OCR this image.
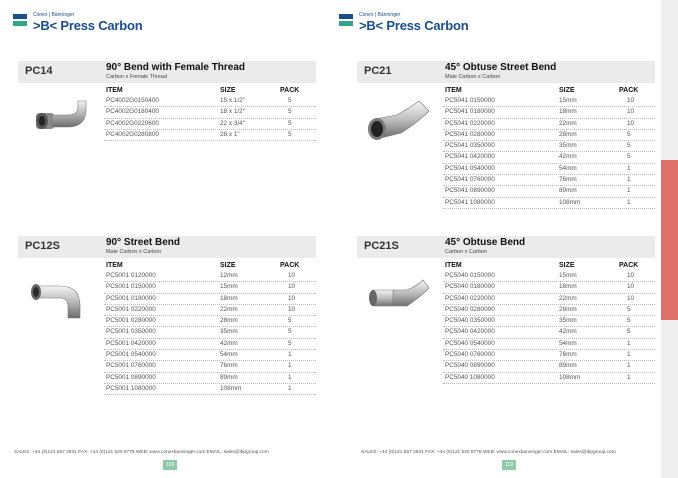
Conex | Bänninger
>B< Press Carbon
PC14	90° Bend with Female Thread
Carbon x Female Thread
ITEM	SIZE	PACK
PC4002G0150400	15 x 1/2"	5
PC4002G0180400	18 x 1/2"	5
PC4002G0220600	22 x 3/4"	5
PC4002G0280800	28 x 1"	5
PC12S	90° Street Bend
Male Carbon x Carbon
ITEM	SIZE	PACK
PC5001 0120000	12mm	10
PC5001 0150000	15mm	10
PC5001 0180000	18mm	10
PC5001 0220000	22mm	10
PC5001 0280000	28mm	5
PC5001 0350000	35mm	5
PC5001 0420000	42mm	5
PC5001 0540000	54mm	1
PC5001 0760000	76mm	1
PC5001 0890000	89mm	1
PC5001 1080000	108mm	1
SALES: +44 (0)121 557 2831 FAX: +44 (0)121 520 8778 WEB: www.conexbanninger.com EMAIL: sales@ibpgroup.com
118
Conex | Bänninger
>B< Press Carbon
PC21	45° Obtuse Street Bend
Male Carbon x Carbon
ITEM	SIZE	PACK
PC5041 0150000	15mm	10
PC5041 0180000	18mm	10
PC5041 0220000	22mm	10
PC5041 0280000	28mm	5
PC5041 0350000	35mm	5
PC5041 0420000	42mm	5
PC5041 0540000	54mm	1
PC5041 0760000	76mm	1
PC5041 0890000	89mm	1
PC5041 1080000	108mm	1
PC21S	45° Obtuse Bend
Carbon x Carbon
ITEM	SIZE	PACK
PC5040 0150000	15mm	10
PC5040 0180000	18mm	10
PC5040 0220000	22mm	10
PC5040 0280000	28mm	5
PC5040 0350000	35mm	5
PC5040 0420000	42mm	5
PC5040 0540000	54mm	1
PC5040 0760000	76mm	1
PC5040 0890000	89mm	1
PC5040 1080000	108mm	1
SALES: +44 (0)121 557 2831 FAX: +44 (0)121 520 8778 WEB: www.conexbanninger.com EMAIL: sales@ibpgroup.com
119
